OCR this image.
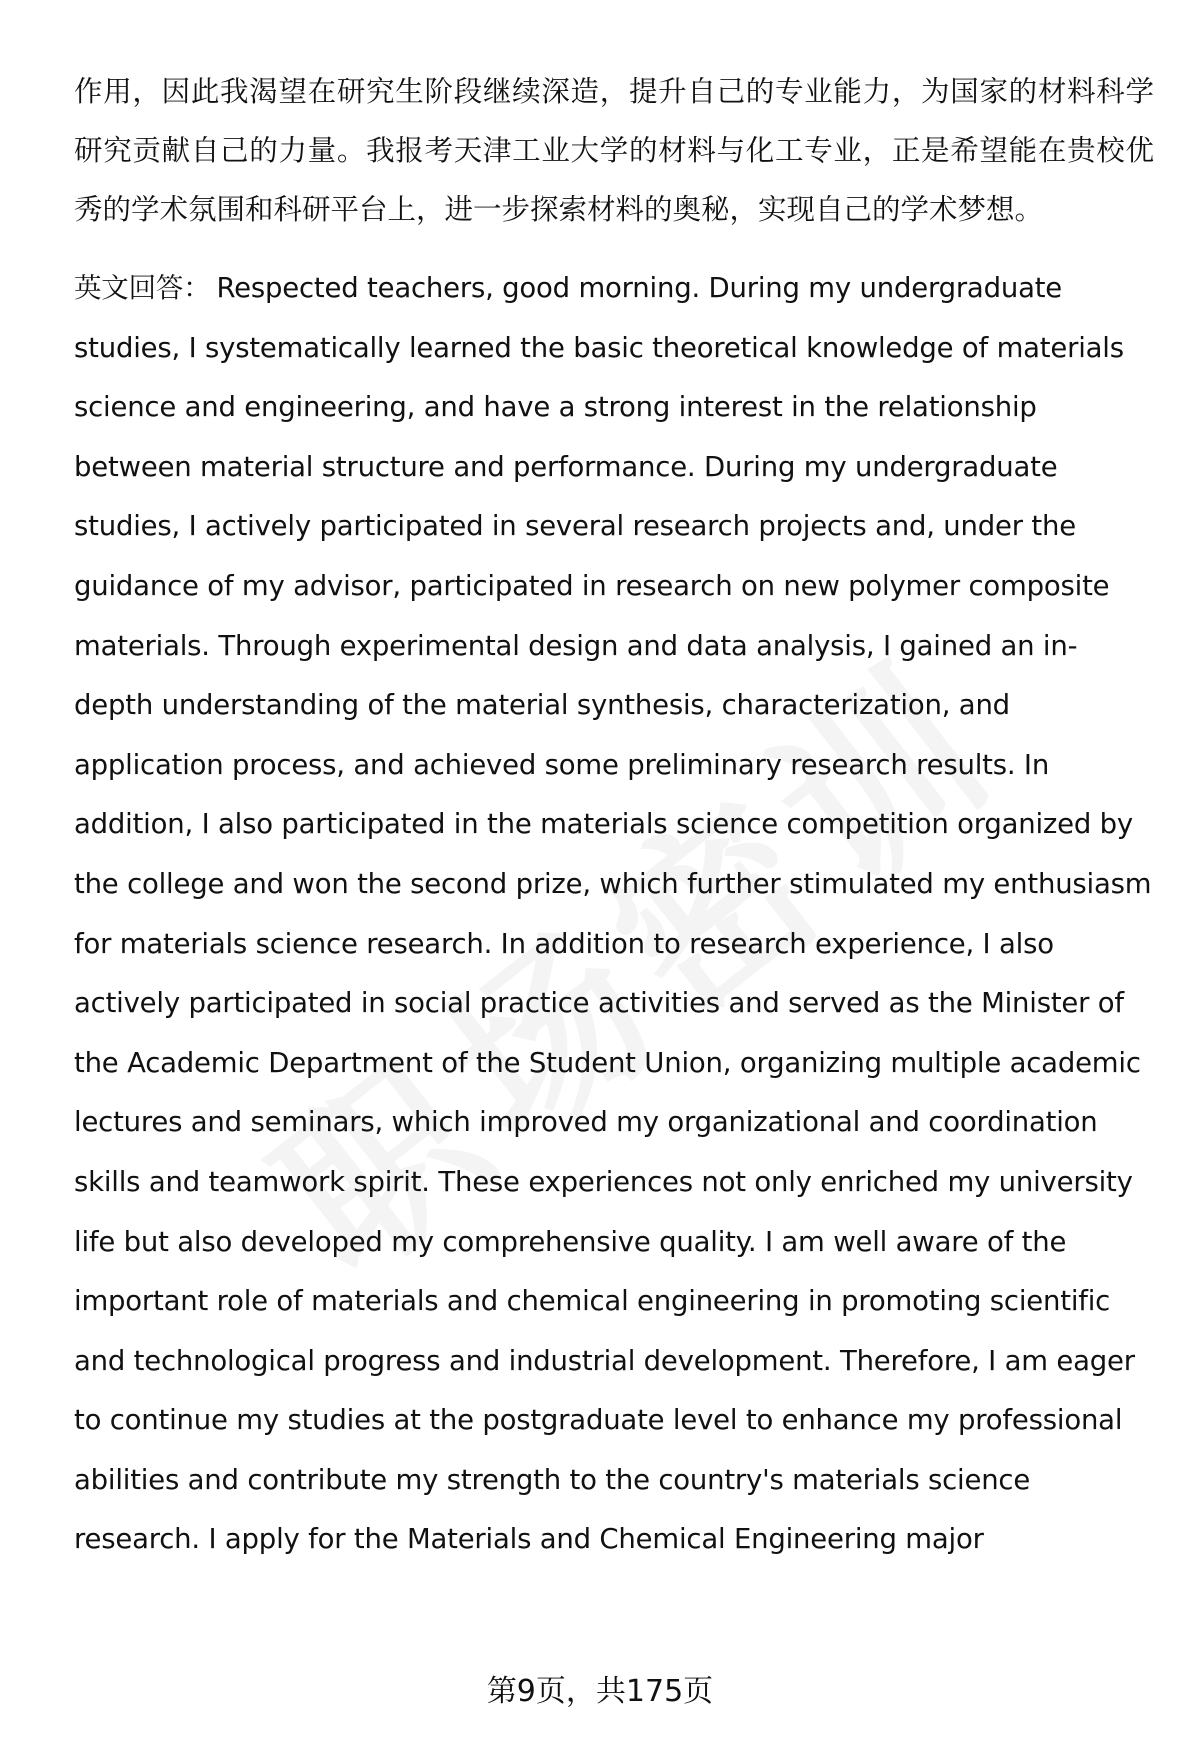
作用，因此我渴望在研究生阶段继续深造，提升自己的专业能力，为国家的材料科学研究贡献自己的力量。我报考天津工业大学的材料与化工专业，正是希望能在贵校优秀的学术氛围和科研平台上，进一步探索材料的奥秘，实现自己的学术梦想。

英文回答： Respected teachers, good morning. During my undergraduate studies, I systematically learned the basic theoretical knowledge of materials science and engineering, and have a strong interest in the relationship between material structure and performance. During my undergraduate studies, I actively participated in several research projects and, under the guidance of my advisor, participated in research on new polymer composite materials. Through experimental design and data analysis, I gained an in-depth understanding of the material synthesis, characterization, and application process, and achieved some preliminary research results. In addition, I also participated in the materials science competition organized by the college and won the second prize, which further stimulated my enthusiasm for materials science research. In addition to research experience, I also actively participated in social practice activities and served as the Minister of the Academic Department of the Student Union, organizing multiple academic lectures and seminars, which improved my organizational and coordination skills and teamwork spirit. These experiences not only enriched my university life but also developed my comprehensive quality. I am well aware of the important role of materials and chemical engineering in promoting scientific and technological progress and industrial development. Therefore, I am eager to continue my studies at the postgraduate level to enhance my professional abilities and contribute my strength to the country's materials science research. I apply for the Materials and Chemical Engineering major

第9页，共175页
